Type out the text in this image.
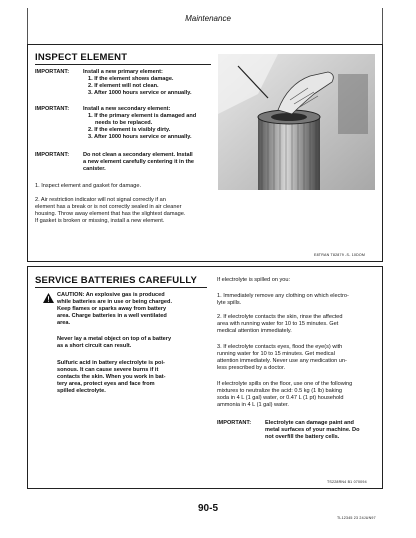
Maintenance
INSPECT ELEMENT
IMPORTANT: Install a new primary element:
1. If the element shows damage.
2. If element will not clean.
3. After 1000 hours service or annually.
IMPORTANT: Install a new secondary element:
1. If the primary element is damaged and
needs to be replaced.
2. If the element is visibly dirty.
3. After 1000 hours service or annually.
IMPORTANT: Do not clean a secondary element. Install
a new element carefully centering it in the
canister.
1. Inspect element and gasket for damage.
2. Air restriction indicator will not signal correctly if an
element has a break or is not correctly sealed in air cleaner
housing. Throw away element that has the slightest damage.
If gasket is broken or missing, install a new element.
E8TRAN T82879 -S- 10DOM
SERVICE BATTERIES CAREFULLY
CAUTION: An explosive gas is produced
while batteries are in use or being charged.
Keep flames or sparks away from battery
area. Charge batteries in a well ventilated
area.
Never lay a metal object on top of a battery
as a short circuit can result.
Sulfuric acid in battery electrolyte is poi-
sonous. It can cause severe burns if it
contacts the skin. When you work in bat-
tery area, protect eyes and face from
spilled electrolyte.
If electrolyte is spilled on you:
1. Immediately remove any clothing on which electro-
lyte spills.
2. If electrolyte contacts the skin, rinse the affected
area with running water for 10 to 15 minutes. Get
medical attention immediately.
3. If electrolyte contacts eyes, flood the eye(s) with
running water for 10 to 15 minutes. Get medical
attention immediately. Never use any medication un-
less prescribed by a doctor.
If electrolyte spills on the floor, use one of the following
mixtures to neutralize the acid: 0.5 kg (1 lb) baking
soda in 4 L (1 gal) water, or 0.47 L (1 pt) household
ammonia in 4 L (1 gal) water.
IMPORTANT: Electrolyte can damage paint and
metal surfaces of your machine. Do
not overfill the battery cells.
TS228RN4 B1 070094
90-5
TL12345 23 24JUN97
